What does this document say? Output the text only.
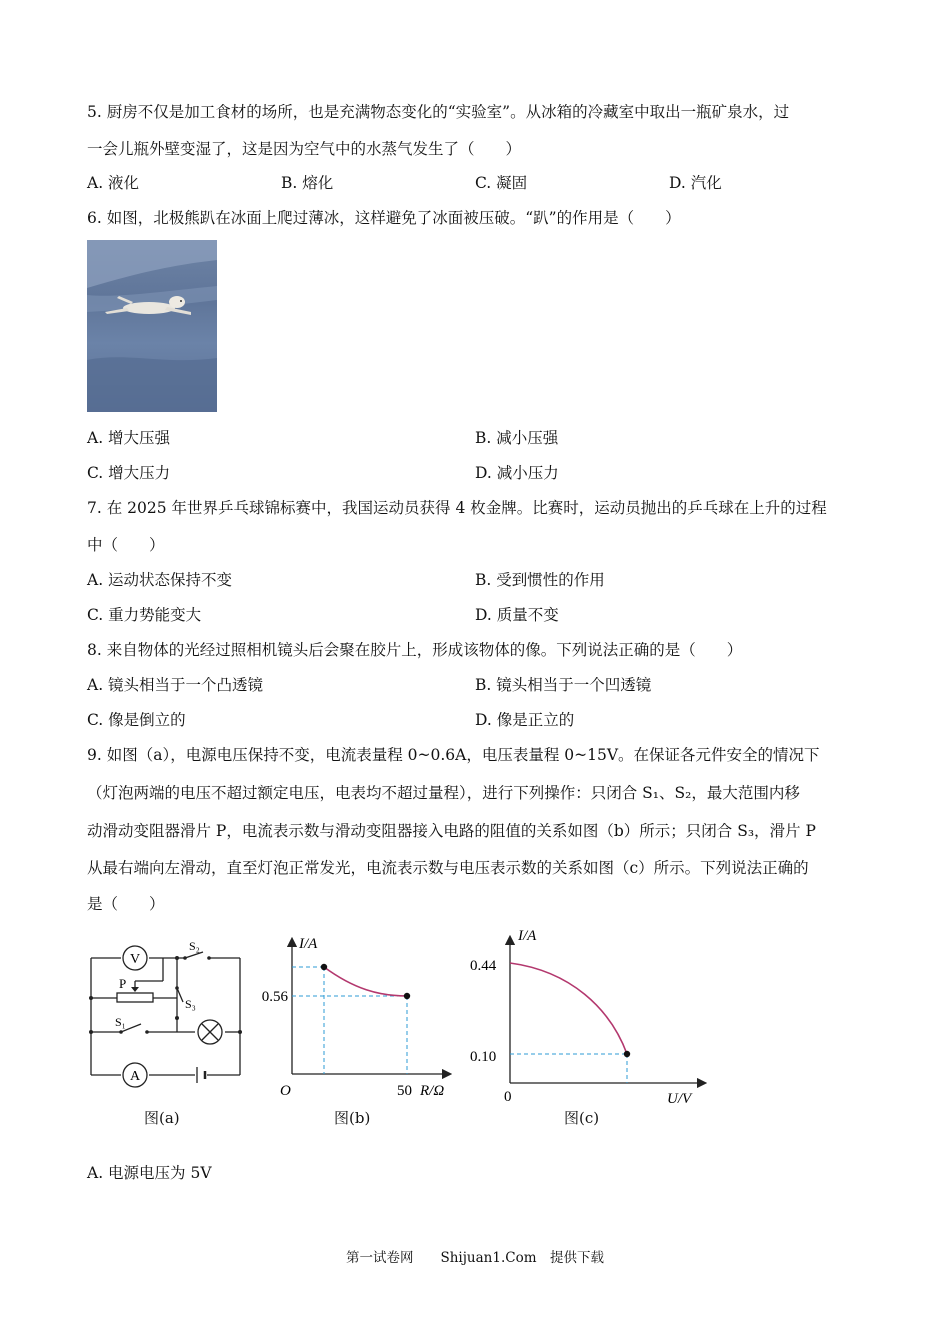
5. 厨房不仅是加工食材的场所，也是充满物态变化的“实验室”。从冰箱的冷藏室中取出一瓶矿泉水，过
一会儿瓶外壁变湿了，这是因为空气中的水蒸气发生了（　　）
A. 液化	B. 熔化	C. 凝固	D. 汽化
6. 如图，北极熊趴在冰面上爬过薄冰，这样避免了冰面被压破。“趴”的作用是（　　）
A. 增大压强	B. 减小压强
C. 增大压力	D. 减小压力
7. 在 2025 年世界乒乓球锦标赛中，我国运动员获得 4 枚金牌。比赛时，运动员抛出的乒乓球在上升的过程
中（　　）
A. 运动状态保持不变	B. 受到惯性的作用
C. 重力势能变大	D. 质量不变
8. 来自物体的光经过照相机镜头后会聚在胶片上，形成该物体的像。下列说法正确的是（　　）
A. 镜头相当于一个凸透镜	B. 镜头相当于一个凹透镜
C. 像是倒立的	D. 像是正立的
9. 如图（a），电源电压保持不变，电流表量程 0~0.6A，电压表量程 0~15V。在保证各元件安全的情况下
（灯泡两端的电压不超过额定电压，电表均不超过量程），进行下列操作：只闭合 S₁、S₂，最大范围内移
动滑动变阻器滑片 P，电流表示数与滑动变阻器接入电路的阻值的关系如图（b）所示；只闭合 S₃，滑片 P
从最右端向左滑动，直至灯泡正常发光，电流表示数与电压表示数的关系如图（c）所示。下列说法正确的
是（　　）
V
A
P
S₂
S₃
S₁
图(a)
I/A
0.56
O	50 R/Ω
图(b)
I/A
0.44
0.10
0	U/V
图(c)
A. 电源电压为 5V
第一试卷网　　Shijuan1.Com　提供下载
